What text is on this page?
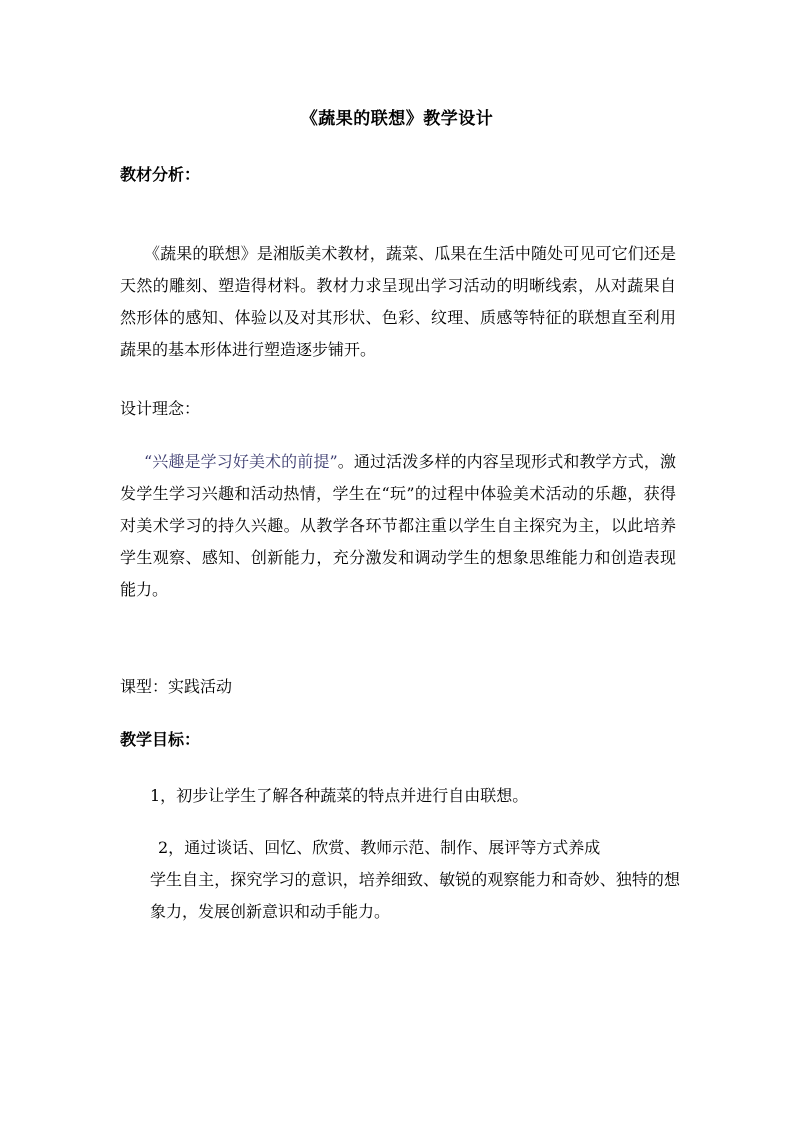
《蔬果的联想》教学设计
教材分析：
《蔬果的联想》是湘版美术教材，蔬菜、瓜果在生活中随处可见可它们还是天然的雕刻、塑造得材料。教材力求呈现出学习活动的明晰线索，从对蔬果自然形体的感知、体验以及对其形状、色彩、纹理、质感等特征的联想直至利用蔬果的基本形体进行塑造逐步铺开。
设计理念：
“兴趣是学习好美术的前提”。通过活泼多样的内容呈现形式和教学方式，激发学生学习兴趣和活动热情，学生在“玩”的过程中体验美术活动的乐趣，获得对美术学习的持久兴趣。从教学各环节都注重以学生自主探究为主，以此培养学生观察、感知、创新能力，充分激发和调动学生的想象思维能力和创造表现能力。
课型：实践活动
教学目标：
1，初步让学生了解各种蔬菜的特点并进行自由联想。
2，通过谈话、回忆、欣赏、教师示范、制作、展评等方式养成
学生自主，探究学习的意识，培养细致、敏锐的观察能力和奇妙、独特的想象力，发展创新意识和动手能力。
